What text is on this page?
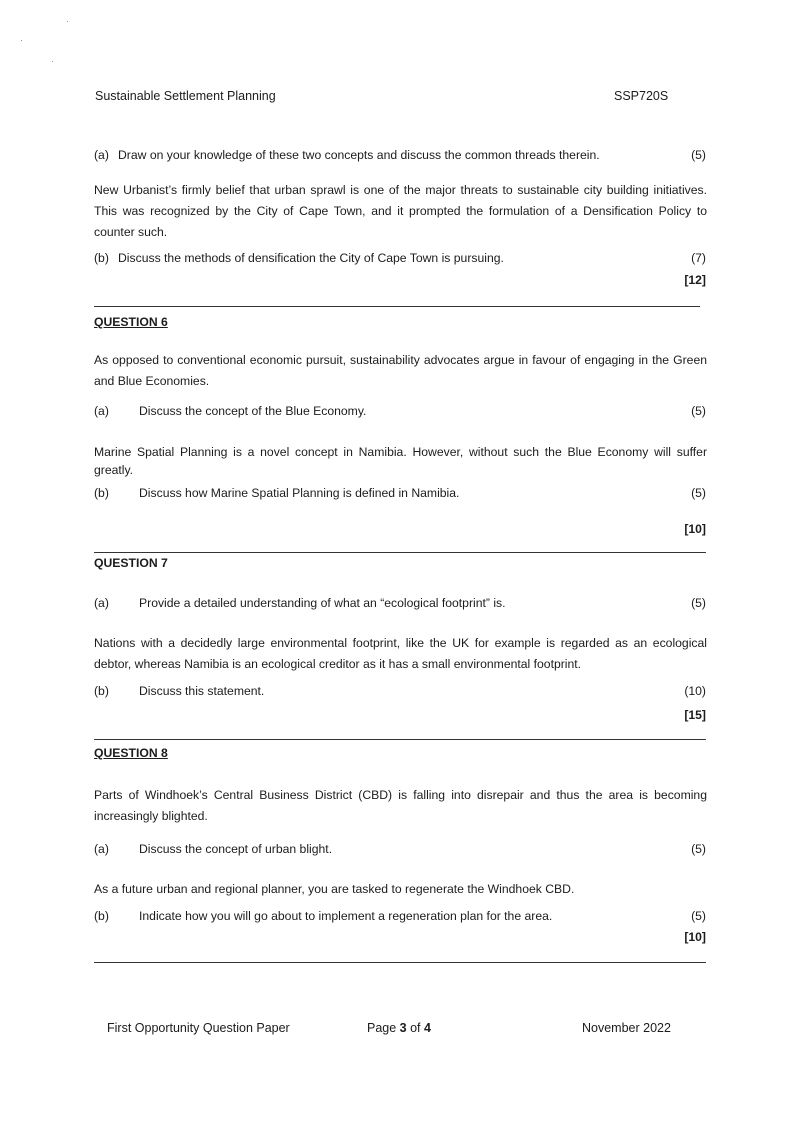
Sustainable Settlement Planning	SSP720S
(a) Draw on your knowledge of these two concepts and discuss the common threads therein.	(5)
New Urbanist’s firmly belief that urban sprawl is one of the major threats to sustainable city building initiatives. This was recognized by the City of Cape Town, and it prompted the formulation of a Densification Policy to counter such.
(b) Discuss the methods of densification the City of Cape Town is pursuing.	(7)
[12]
QUESTION 6
As opposed to conventional economic pursuit, sustainability advocates argue in favour of engaging in the Green and Blue Economies.
(a) Discuss the concept of the Blue Economy.	(5)
Marine Spatial Planning is a novel concept in Namibia. However, without such the Blue Economy will suffer greatly.
(b) Discuss how Marine Spatial Planning is defined in Namibia.	(5)
[10]
QUESTION 7
(a) Provide a detailed understanding of what an “ecological footprint” is.	(5)
Nations with a decidedly large environmental footprint, like the UK for example is regarded as an ecological debtor, whereas Namibia is an ecological creditor as it has a small environmental footprint.
(b) Discuss this statement.	(10)
[15]
QUESTION 8
Parts of Windhoek’s Central Business District (CBD) is falling into disrepair and thus the area is becoming increasingly blighted.
(a) Discuss the concept of urban blight.	(5)
As a future urban and regional planner, you are tasked to regenerate the Windhoek CBD.
(b) Indicate how you will go about to implement a regeneration plan for the area.	(5)
[10]
First Opportunity Question Paper	Page 3 of 4	November 2022
